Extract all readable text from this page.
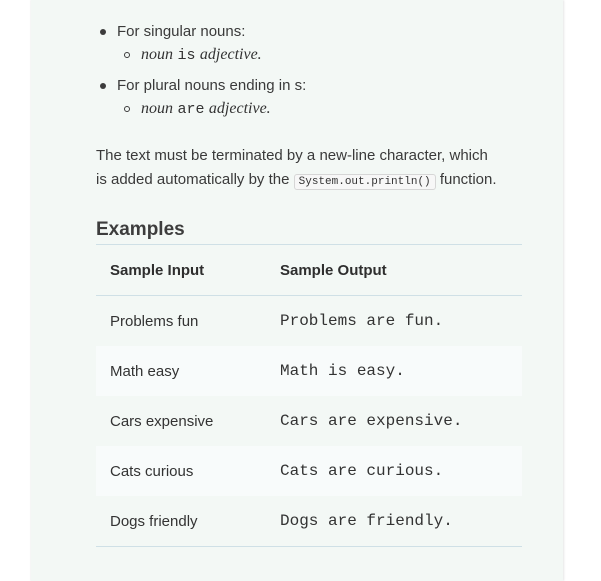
For singular nouns:
noun is adjective.
For plural nouns ending in s:
noun are adjective.

The text must be terminated by a new-line character, which
is added automatically by the System.out.println() function.

Examples
Sample Input	Sample Output
Problems fun	Problems are fun.
Math easy	Math is easy.
Cars expensive	Cars are expensive.
Cats curious	Cats are curious.
Dogs friendly	Dogs are friendly.
